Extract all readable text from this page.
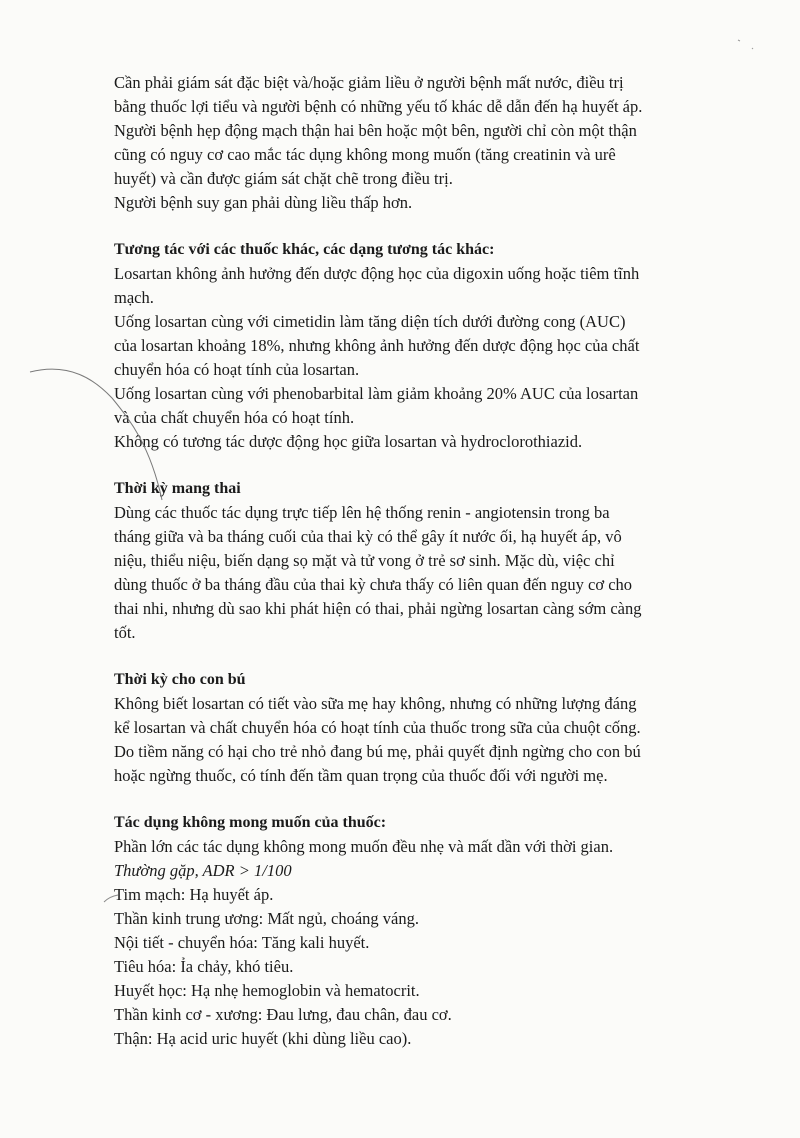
Cần phải giám sát đặc biệt và/hoặc giảm liều ở người bệnh mất nước, điều trị
bằng thuốc lợi tiểu và người bệnh có những yếu tố khác dễ dẫn đến hạ huyết áp.
Người bệnh hẹp động mạch thận hai bên hoặc một bên, người chỉ còn một thận
cũng có nguy cơ cao mắc tác dụng không mong muốn (tăng creatinin và urê
huyết) và cần được giám sát chặt chẽ trong điều trị.
Người bệnh suy gan phải dùng liều thấp hơn.
Tương tác với các thuốc khác, các dạng tương tác khác:
Losartan không ảnh hưởng đến dược động học của digoxin uống hoặc tiêm tĩnh
mạch.
Uống losartan cùng với cimetidin làm tăng diện tích dưới đường cong (AUC)
của losartan khoảng 18%, nhưng không ảnh hưởng đến dược động học của chất
chuyển hóa có hoạt tính của losartan.
Uống losartan cùng với phenobarbital làm giảm khoảng 20% AUC của losartan
và của chất chuyển hóa có hoạt tính.
Không có tương tác dược động học giữa losartan và hydroclorothiazid.
Thời kỳ mang thai
Dùng các thuốc tác dụng trực tiếp lên hệ thống renin - angiotensin trong ba
tháng giữa và ba tháng cuối của thai kỳ có thể gây ít nước ối, hạ huyết áp, vô
niệu, thiểu niệu, biến dạng sọ mặt và tử vong ở trẻ sơ sinh. Mặc dù, việc chỉ
dùng thuốc ở ba tháng đầu của thai kỳ chưa thấy có liên quan đến nguy cơ cho
thai nhi, nhưng dù sao khi phát hiện có thai, phải ngừng losartan càng sớm càng
tốt.
Thời kỳ cho con bú
Không biết losartan có tiết vào sữa mẹ hay không, nhưng có những lượng đáng
kể losartan và chất chuyển hóa có hoạt tính của thuốc trong sữa của chuột cống.
Do tiềm năng có hại cho trẻ nhỏ đang bú mẹ, phải quyết định ngừng cho con bú
hoặc ngừng thuốc, có tính đến tầm quan trọng của thuốc đối với người mẹ.
Tác dụng không mong muốn của thuốc:
Phần lớn các tác dụng không mong muốn đều nhẹ và mất dần với thời gian.
Thường gặp, ADR > 1/100
Tim mạch: Hạ huyết áp.
Thần kinh trung ương: Mất ngủ, choáng váng.
Nội tiết - chuyển hóa: Tăng kali huyết.
Tiêu hóa: Ỉa chảy, khó tiêu.
Huyết học: Hạ nhẹ hemoglobin và hematocrit.
Thần kinh cơ - xương: Đau lưng, đau chân, đau cơ.
Thận: Hạ acid uric huyết (khi dùng liều cao).
